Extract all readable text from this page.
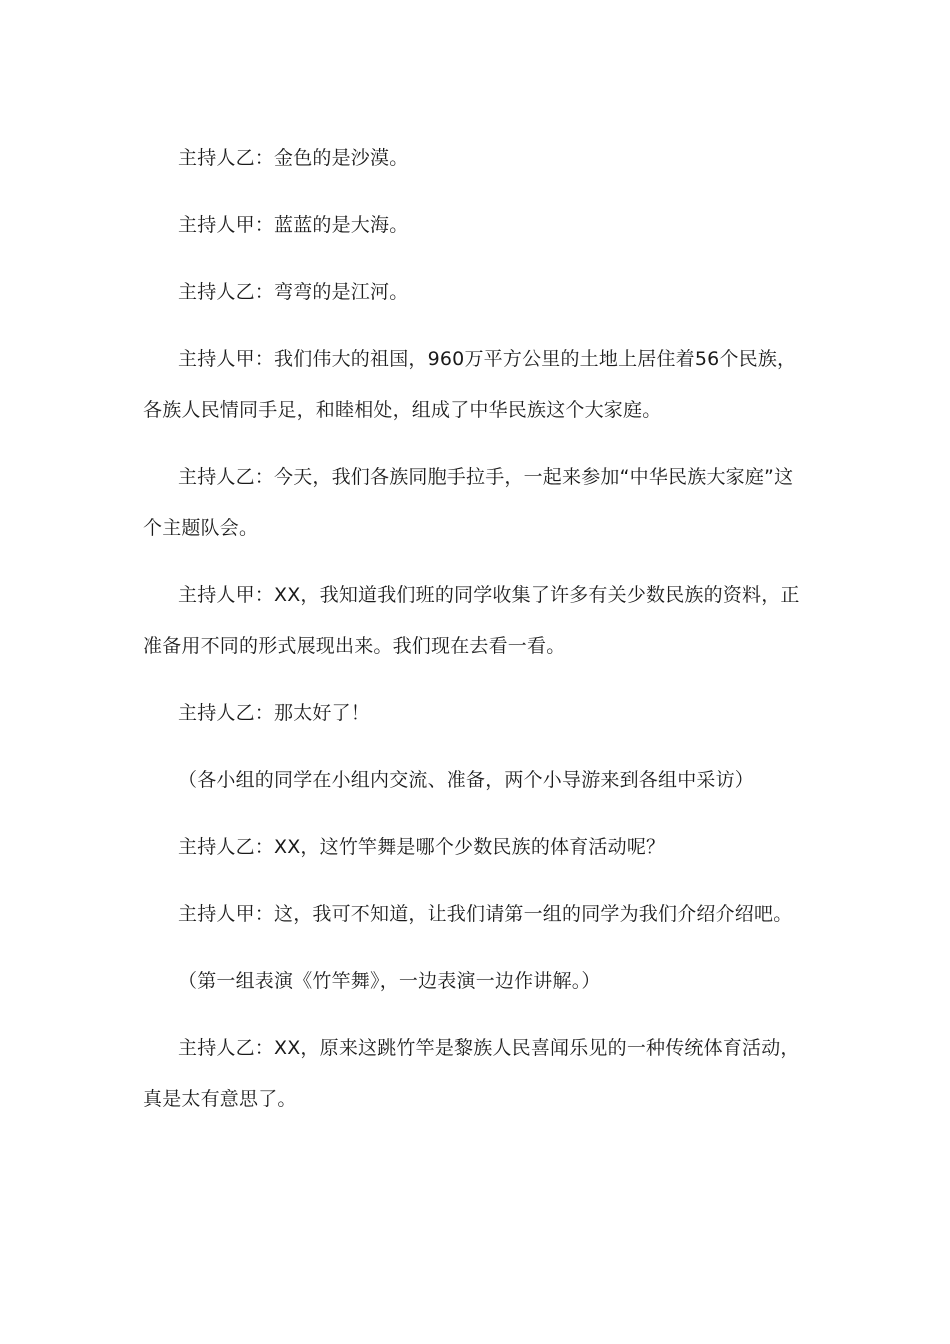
主持人乙：金色的是沙漠。

主持人甲：蓝蓝的是大海。

主持人乙：弯弯的是江河。

主持人甲：我们伟大的祖国，960万平方公里的土地上居住着56个民族，各族人民情同手足，和睦相处，组成了中华民族这个大家庭。

主持人乙：今天，我们各族同胞手拉手，一起来参加“中华民族大家庭”这个主题队会。

主持人甲：XX，我知道我们班的同学收集了许多有关少数民族的资料，正准备用不同的形式展现出来。我们现在去看一看。

主持人乙：那太好了！

（各小组的同学在小组内交流、准备，两个小导游来到各组中采访）

主持人乙：XX，这竹竿舞是哪个少数民族的体育活动呢？

主持人甲：这，我可不知道，让我们请第一组的同学为我们介绍介绍吧。

（第一组表演《竹竿舞》，一边表演一边作讲解。）

主持人乙：XX，原来这跳竹竿是黎族人民喜闻乐见的一种传统体育活动，真是太有意思了。
